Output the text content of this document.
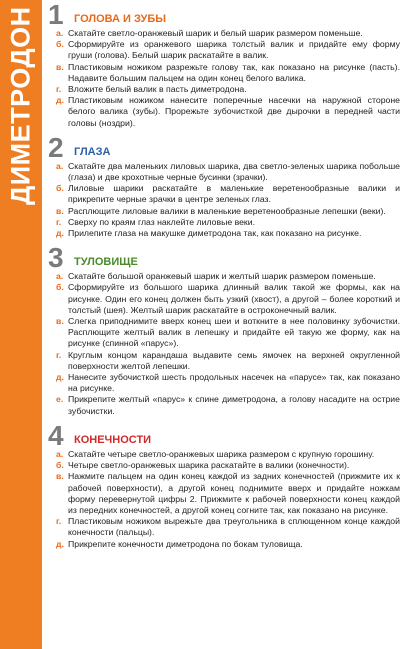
ДИМЕТРОДОН 1 ГОЛОВА И ЗУБЫ
а. Скатайте светло-оранжевый шарик и белый шарик размером поменьше.
б. Сформируйте из оранжевого шарика толстый валик и придайте ему форму груши (голова). Белый шарик раскатайте в валик.
в. Пластиковым ножиком разрежьте голову так, как показано на рисунке (пасть). Надавите большим пальцем на один конец белого валика.
г. Вложите белый валик в пасть диметродона.
д. Пластиковым ножиком нанесите поперечные насечки на наружной стороне белого валика (зубы). Прорежьте зубочисткой две дырочки в передней части головы (ноздри).
2 ГЛАЗА
а. Скатайте два маленьких лиловых шарика, два светло-зеленых шарика побольше (глаза) и две крохотные черные бусинки (зрачки).
б. Лиловые шарики раскатайте в маленькие веретенообразные валики и прикрепите черные зрачки в центре зеленых глаз.
в. Расплющите лиловые валики в маленькие веретенообразные лепешки (веки).
г. Сверху по краям глаз наклейте лиловые веки.
д. Прилепите глаза на макушке диметродона так, как показано на рисунке.
3 ТУЛОВИЩЕ
а. Скатайте большой оранжевый шарик и желтый шарик размером поменьше.
б. Сформируйте из большого шарика длинный валик такой же формы, как на рисунке. Один его конец должен быть узкий (хвост), а другой – более короткий и толстый (шея). Желтый шарик раскатайте в остроконечный валик.
в. Слегка приподнимите вверх конец шеи и воткните в нее половинку зубочистки. Расплющите желтый валик в лепешку и придайте ей такую же форму, как на рисунке (спинной «парус»).
г. Круглым концом карандаша выдавите семь ямочек на верхней округленной поверхности желтой лепешки.
д. Нанесите зубочисткой шесть продольных насечек на «парусе» так, как показано на рисунке.
е. Прикрепите желтый «парус» к спине диметродона, а голову насадите на острие зубочистки.
4 КОНЕЧНОСТИ
а. Скатайте четыре светло-оранжевых шарика размером с крупную горошину.
б. Четыре светло-оранжевых шарика раскатайте в валики (конечности).
в. Нажмите пальцем на один конец каждой из задних конечностей (прижмите их к рабочей поверхности), а другой конец поднимите вверх и придайте ножкам форму перевернутой цифры 2. Прижмите к рабочей поверхности конец каждой из передних конечностей, а другой конец согните так, как показано на рисунке.
г. Пластиковым ножиком вырежьте два треугольника в сплющенном конце каждой конечности (пальцы).
д. Прикрепите конечности диметродона по бокам туловища.
